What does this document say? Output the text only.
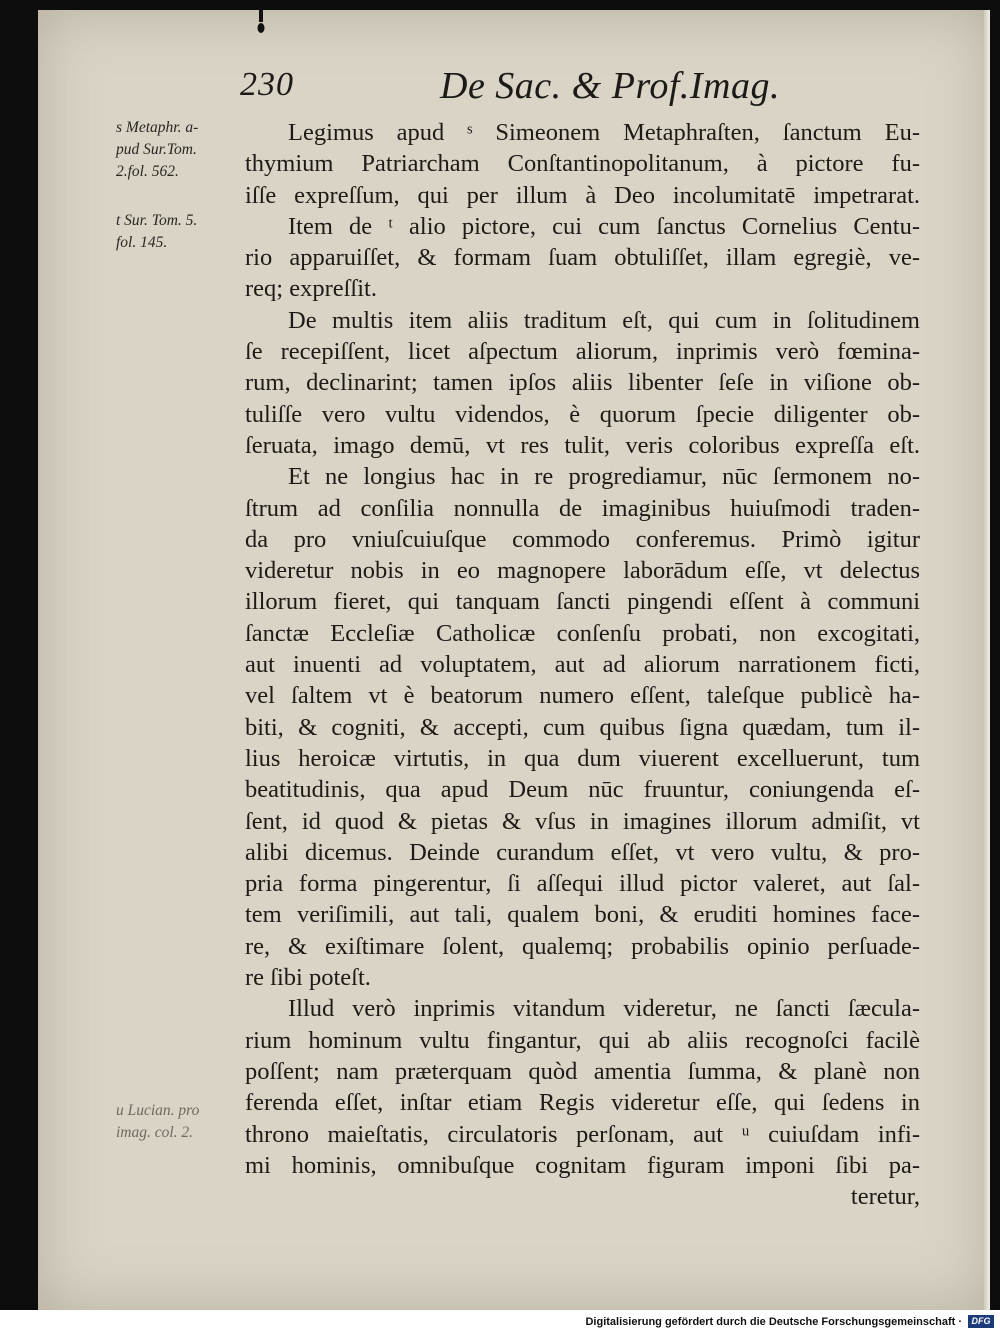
230	De Sac. & Prof.Imag.
s Metaphr. a-
pud Sur.Tom.
2.fol. 562.
t Sur. Tom. 5.
fol. 145.
u Lucian. pro
imag. col. 2.
Legimus apud ˢ Simeonem Metaphraſten, ſanctum Eu-
thymium Patriarcham Conſtantinopolitanum, à pictore fu-
iſſe expreſſum, qui per illum à Deo incolumitatē impetrarat.
Item de ᵗ alio pictore, cui cum ſanctus Cornelius Centu-
rio apparuiſſet, & formam ſuam obtuliſſet, illam egregiè, ve-
req; expreſſit.
De multis item aliis traditum eſt, qui cum in ſolitudinem
ſe recepiſſent, licet aſpectum aliorum, inprimis verò fœmina-
rum, declinarint; tamen ipſos aliis libenter ſeſe in viſione ob-
tuliſſe vero vultu videndos, è quorum ſpecie diligenter ob-
ſeruata, imago demū, vt res tulit, veris coloribus expreſſa eſt.
Et ne longius hac in re progrediamur, nūc ſermonem no-
ſtrum ad conſilia nonnulla de imaginibus huiuſmodi traden-
da pro vniuſcuiuſque commodo conferemus. Primò igitur
videretur nobis in eo magnopere laborādum eſſe, vt delectus
illorum fieret, qui tanquam ſancti pingendi eſſent à communi
ſanctæ Eccleſiæ Catholicæ conſenſu probati, non excogitati,
aut inuenti ad voluptatem, aut ad aliorum narrationem ficti,
vel ſaltem vt è beatorum numero eſſent, taleſque publicè ha-
biti, & cogniti, & accepti, cum quibus ſigna quædam, tum il-
lius heroicæ virtutis, in qua dum viuerent excelluerunt, tum
beatitudinis, qua apud Deum nūc fruuntur, coniungenda eſ-
ſent, id quod & pietas & vſus in imagines illorum admiſit, vt
alibi dicemus. Deinde curandum eſſet, vt vero vultu, & pro-
pria forma pingerentur, ſi aſſequi illud pictor valeret, aut ſal-
tem veriſimili, aut tali, qualem boni, & eruditi homines face-
re, & exiſtimare ſolent, qualemq; probabilis opinio perſuade-
re ſibi poteſt.
Illud verò inprimis vitandum videretur, ne ſancti ſæcula-
rium hominum vultu fingantur, qui ab aliis recognoſci facilè
poſſent; nam præterquam quòd amentia ſumma, & planè non
ferenda eſſet, inſtar etiam Regis videretur eſſe, qui ſedens in
throno maieſtatis, circulatoris perſonam, aut ᵘ cuiuſdam infi-
mi hominis, omnibuſque cognitam figuram imponi ſibi pa-
teretur,
Digitalisierung gefördert durch die Deutsche Forschungsgemeinschaft ·	DFG
